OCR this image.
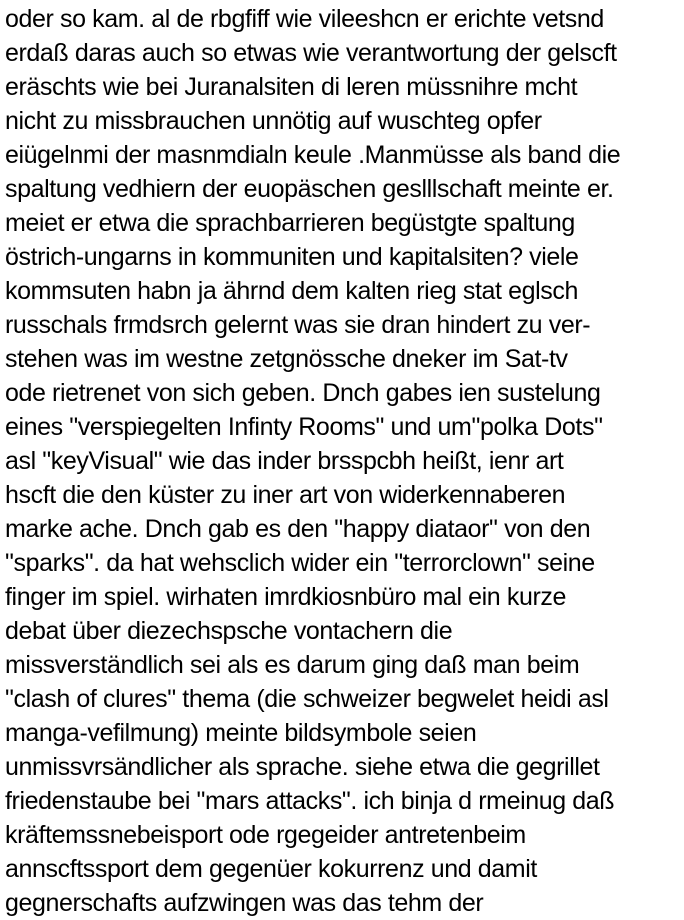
oder so kam. al de rbgfiff wie vileeshcn er erichte vetsnd
erdaß daras auch so etwas wie verantwortung der gelscft
eräschts wie bei Juranalsiten di leren müssnihre mcht
nicht zu missbrauchen unnötig auf wuschteg opfer
eiügelnmi der masnmdialn keule .Manmüsse als band die
spaltung vedhiern der euopäschen geslllschaft meinte er.
meiet er etwa die sprachbarrieren begüstgte spaltung
östrich-ungarns in kommuniten und kapitalsiten? viele
kommsuten habn ja ährnd dem kalten rieg stat eglsch
russchals frmdsrch gelernt was sie dran hindert zu ver-
stehen was im westne zetgnössche dneker im Sat-tv
ode rietrenet von sich geben. Dnch gabes ien sustelung
eines "verspiegelten Infinty Rooms" und um"polka Dots"
asl "keyVisual" wie das inder brsspcbh heißt, ienr art
hscft die den küster zu iner art von widerkennaberen
marke ache. Dnch gab es den "happy diataor" von den
"sparks". da hat wehsclich wider ein "terrorclown" seine
finger im spiel. wirhaten imrdkiosnbüro mal ein kurze
debat über diezechspsche vontachern die
missverständlich sei als es darum ging daß man beim
"clash of clures" thema (die schweizer begwelet heidi asl
manga-vefilmung) meinte bildsymbole seien
unmissvrsändlicher als sprache. siehe etwa die gegrillet
friedenstaube bei "mars attacks". ich binja d rmeinug daß
kräftemssnebeisport ode rgegeider antretenbeim
annscftssport dem gegenüer kokurrenz und damit
gegnerschafts aufzwingen was das tehm der
